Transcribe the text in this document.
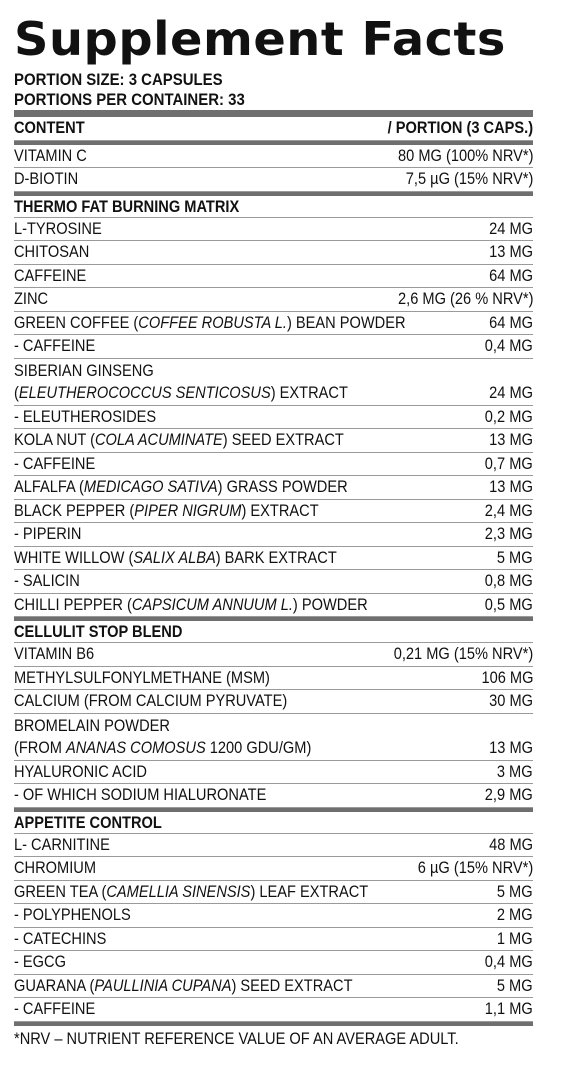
Supplement Facts
PORTION SIZE: 3 CAPSULES
PORTIONS PER CONTAINER: 33
CONTENT	/ PORTION (3 CAPS.)
VITAMIN C	80 MG (100% NRV*)
D-BIOTIN	7,5 µG (15% NRV*)
THERMO FAT BURNING MATRIX
L-TYROSINE	24 MG
CHITOSAN	13 MG
CAFFEINE	64 MG
ZINC	2,6 MG (26 % NRV*)
GREEN COFFEE (COFFEE ROBUSTA L.) BEAN POWDER	64 MG
- CAFFEINE	0,4 MG
SIBERIAN GINSENG
(ELEUTHEROCOCCUS SENTICOSUS) EXTRACT	24 MG
- ELEUTHEROSIDES	0,2 MG
KOLA NUT (COLA ACUMINATE) SEED EXTRACT	13 MG
- CAFFEINE	0,7 MG
ALFALFA (MEDICAGO SATIVA) GRASS POWDER	13 MG
BLACK PEPPER (PIPER NIGRUM) EXTRACT	2,4 MG
- PIPERIN	2,3 MG
WHITE WILLOW (SALIX ALBA) BARK EXTRACT	5 MG
- SALICIN	0,8 MG
CHILLI PEPPER (CAPSICUM ANNUUM L.) POWDER	0,5 MG
CELLULIT STOP BLEND
VITAMIN B6	0,21 MG (15% NRV*)
METHYLSULFONYLMETHANE (MSM)	106 MG
CALCIUM (FROM CALCIUM PYRUVATE)	30 MG
BROMELAIN POWDER
(FROM ANANAS COMOSUS 1200 GDU/GM)	13 MG
HYALURONIC ACID	3 MG
- OF WHICH SODIUM HIALURONATE	2,9 MG
APPETITE CONTROL
L- CARNITINE	48 MG
CHROMIUM	6 µG (15% NRV*)
GREEN TEA (CAMELLIA SINENSIS) LEAF EXTRACT	5 MG
- POLYPHENOLS	2 MG
- CATECHINS	1 MG
- EGCG	0,4 MG
GUARANA (PAULLINIA CUPANA) SEED EXTRACT	5 MG
- CAFFEINE	1,1 MG
*NRV – NUTRIENT REFERENCE VALUE OF AN AVERAGE ADULT.
